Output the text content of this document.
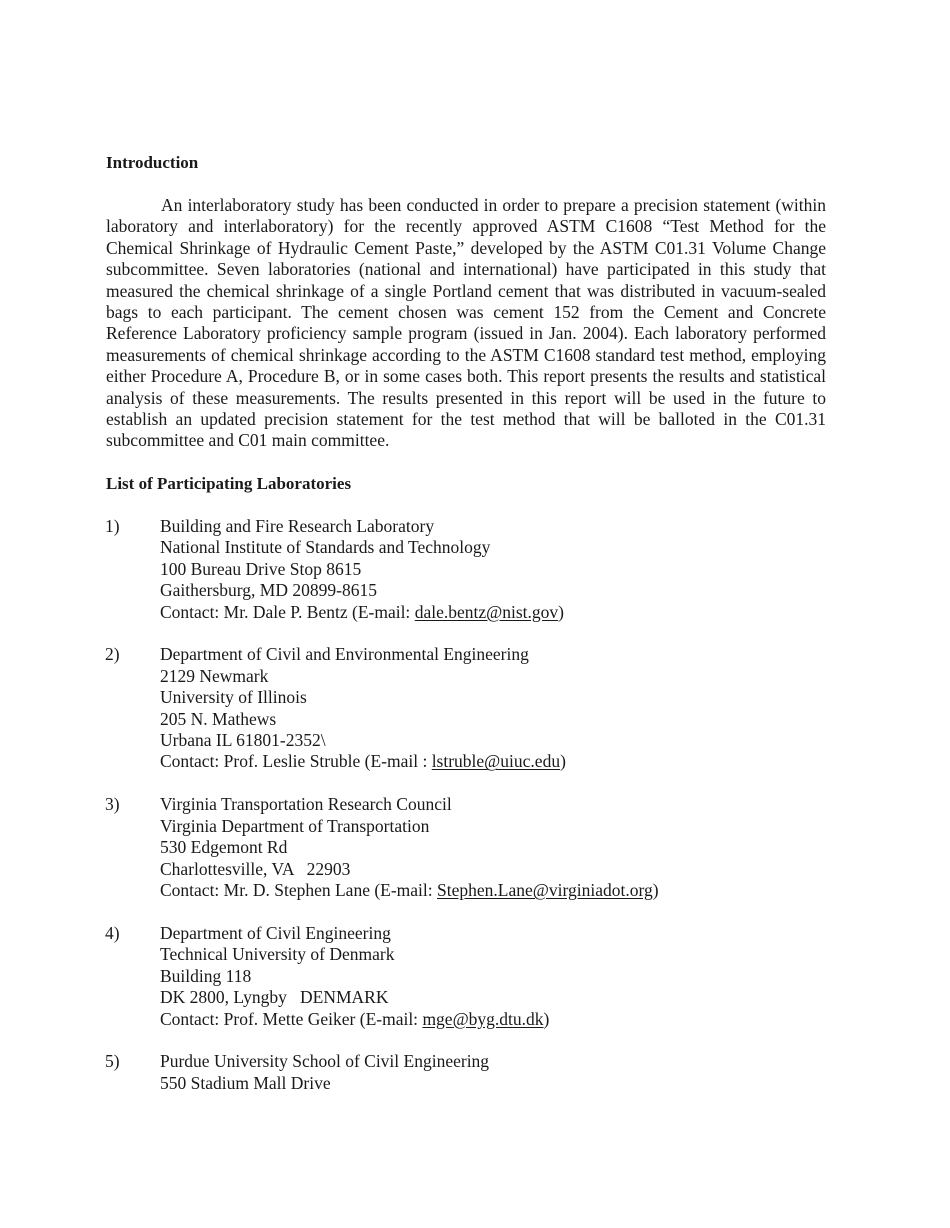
Introduction

An interlaboratory study has been conducted in order to prepare a precision statement (within laboratory and interlaboratory) for the recently approved ASTM C1608 “Test Method for the Chemical Shrinkage of Hydraulic Cement Paste,” developed by the ASTM C01.31 Volume Change subcommittee. Seven laboratories (national and international) have participated in this study that measured the chemical shrinkage of a single Portland cement that was distributed in vacuum-sealed bags to each participant. The cement chosen was cement 152 from the Cement and Concrete Reference Laboratory proficiency sample program (issued in Jan. 2004). Each laboratory performed measurements of chemical shrinkage according to the ASTM C1608 standard test method, employing either Procedure A, Procedure B, or in some cases both. This report presents the results and statistical analysis of these measurements. The results presented in this report will be used in the future to establish an updated precision statement for the test method that will be balloted in the C01.31 subcommittee and C01 main committee.

List of Participating Laboratories
1) Building and Fire Research Laboratory
National Institute of Standards and Technology
100 Bureau Drive Stop 8615
Gaithersburg, MD 20899-8615
Contact: Mr. Dale P. Bentz (E-mail: dale.bentz@nist.gov)
2) Department of Civil and Environmental Engineering
2129 Newmark
University of Illinois
205 N. Mathews
Urbana IL 61801-2352\
Contact: Prof. Leslie Struble (E-mail : lstruble@uiuc.edu)
3) Virginia Transportation Research Council
Virginia Department of Transportation
530 Edgemont Rd
Charlottesville, VA   22903
Contact: Mr. D. Stephen Lane (E-mail: Stephen.Lane@virginiadot.org)
4) Department of Civil Engineering
Technical University of Denmark
Building 118
DK 2800, Lyngby   DENMARK
Contact: Prof. Mette Geiker (E-mail: mge@byg.dtu.dk)
5) Purdue University School of Civil Engineering
550 Stadium Mall Drive
